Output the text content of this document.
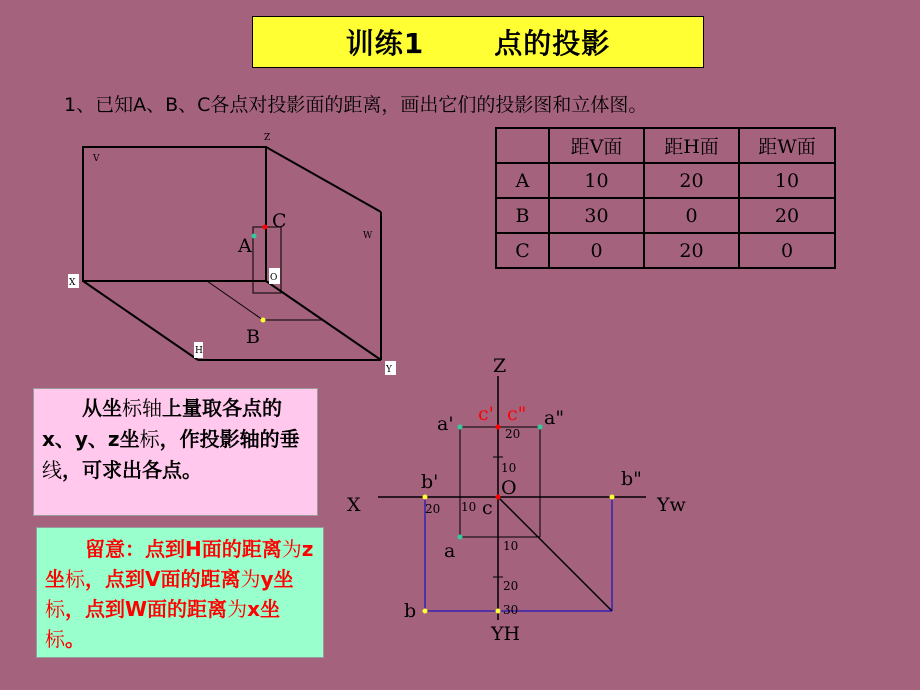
训练1	点的投影
1、已知A、B、C各点对投影面的距离，画出它们的投影图和立体图。
	距V面	距H面	距W面
A	10	20	10
B	30	0	20
C	0	20	0
Z
V
W
X	O
H
Y
C
A
B
Z
X	Yw
YH
O
a'	a"
b'	b"
c
a
b
c' c"
20
10
20 10
10
20
30
从坐标轴上量取各点的x、y、z坐标，作投影轴的垂线，可求出各点。
留意：点到H面的距离为z坐标，点到V面的距离为y坐标，点到W面的距离为x坐标。
